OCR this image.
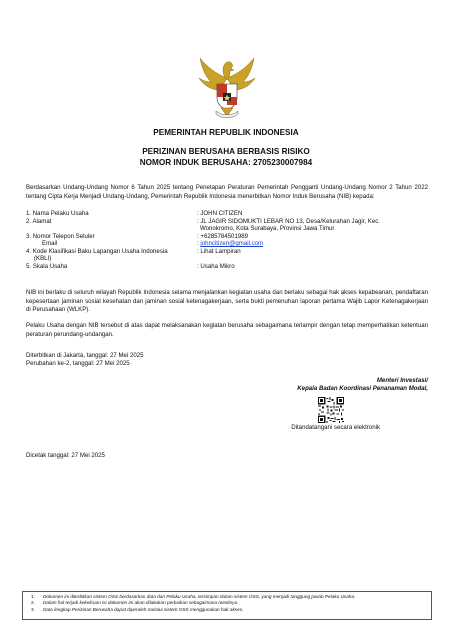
PEMERINTAH REPUBLIK INDONESIA
PERIZINAN BERUSAHA BERBASIS RISIKO
NOMOR INDUK BERUSAHA: 2705230007984
Berdasarkan Undang-Undang Nomor 6 Tahun 2025 tentang Penetapan Peraturan Pemerintah Pengganti Undang-Undang Nomor 2 Tahun 2022 tentang Cipta Kerja Menjadi Undang-Undang, Pemerintah Republik Indonesia menerbitkan Nomor Induk Berusaha (NIB) kepada:
1. Nama Pelaku Usaha	: JOHN CITIZEN
2. Alamat	: JL JAGIR SIDOMUKTI LEBAR NO 13, Desa/Kelurahan Jagir, Kec.
Wonokromo, Kota Surabaya, Provinsi Jawa Timur
3. Nomor Telepon Seluler	: +6285784501989
Email	: johncitizen@gmail.com
4. Kode Klasifikasi Baku Lapangan Usaha Indonesia
(KBLI)
: Lihat Lampiran
5. Skala Usaha	: Usaha Mikro
NIB ini berlaku di seluruh wilayah Republik Indonesia selama menjalankan kegiatan usaha dan berlaku sebagai hak akses kepabeanan, pendaftaran kepesertaan jaminan sosial kesehatan dan jaminan sosial ketenagakerjaan, serta bukti pemenuhan laporan pertama Wajib Lapor Ketenagakerjaan di Perusahaan (WLKP).
Pelaku Usaha dengan NIB tersebut di atas dapat melaksanakan kegiatan berusaha sebagaimana terlampir dengan tetap memperhatikan ketentuan peraturan perundang-undangan.
Diterbitkan di Jakarta, tanggal: 27 Mei 2025
Perubahan ke-2, tanggal: 27 Mei 2025
Menteri Investasi/
Kepala Badan Koordinasi Penanaman Modal,
Ditandatangani secara elektronik
Dicetak tanggal: 27 Mei 2025
1.	Dokumen ini diterbitkan sistem OSS berdasarkan data dari Pelaku Usaha, tersimpan dalam sistem OSS, yang menjadi tanggung jawab Pelaku Usaha.
2.	Dalam hal terjadi kekeliruan isi dokumen ini akan dilakukan perbaikan sebagaimana mestinya.
3.	Data lengkap Perizinan Berusaha dapat diperoleh melalui sistem OSS menggunakan hak akses.
